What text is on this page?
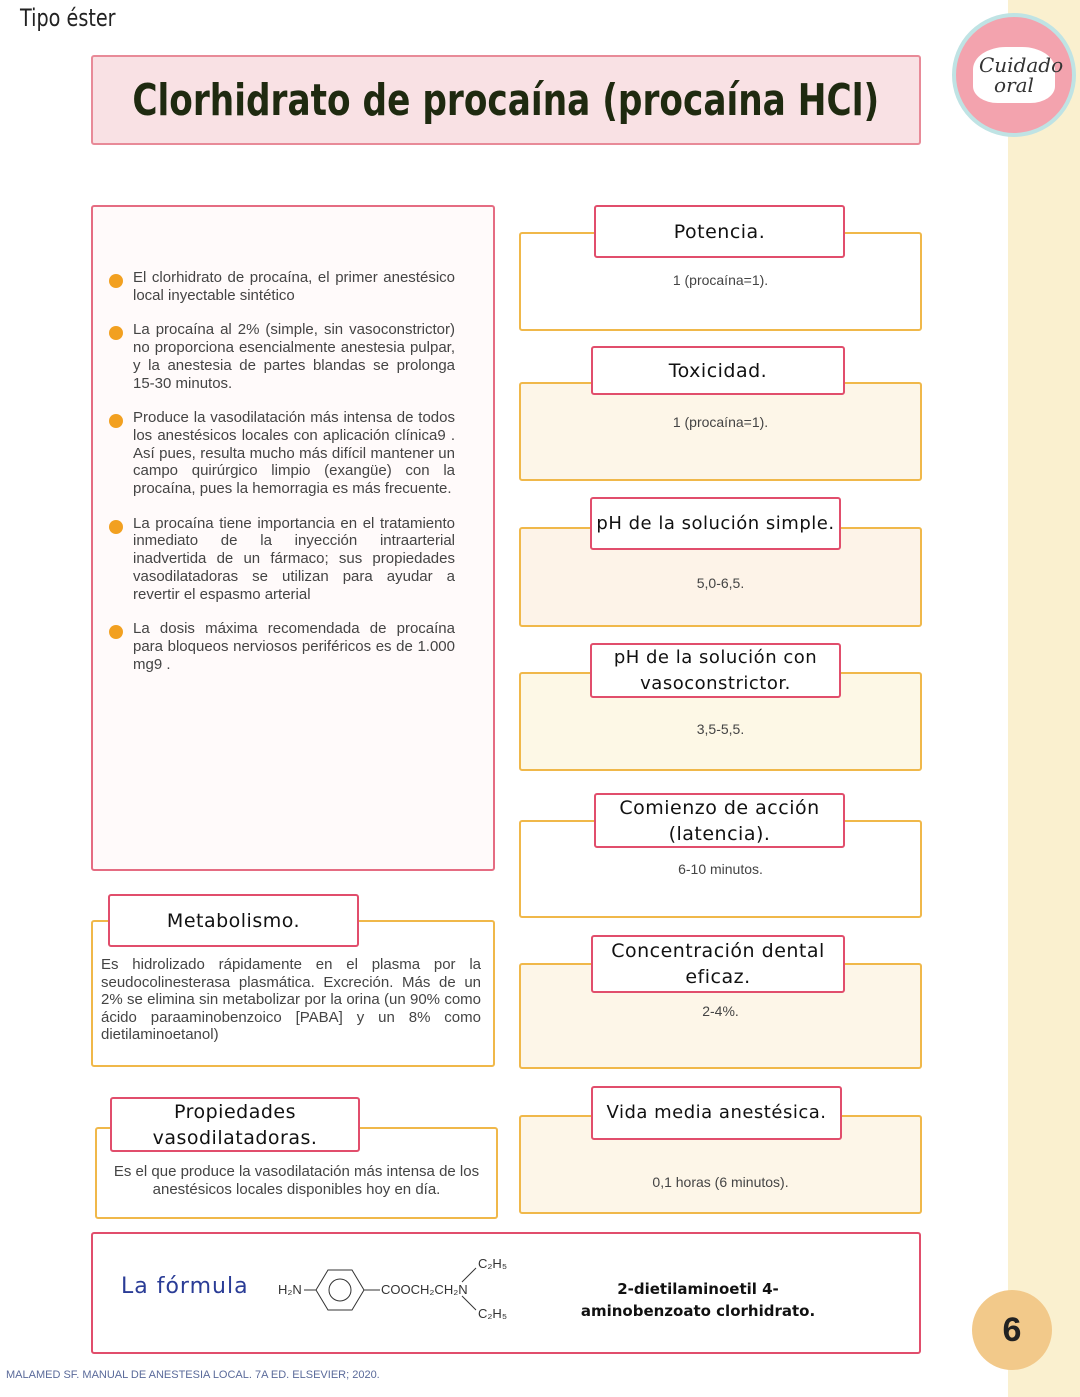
Tipo éster
Clorhidrato de procaína (procaína HCl)
Cuidado oral
El clorhidrato de procaína, el primer anestésico local inyectable sintético
La procaína al 2% (simple, sin vasoconstrictor) no proporciona esencialmente anestesia pulpar, y la anestesia de partes blandas se prolonga 15-30 minutos.
Produce la vasodilatación más intensa de todos los anestésicos locales con aplicación clínica9 . Así pues, resulta mucho más difícil mantener un campo quirúrgico limpio (exangüe) con la procaína, pues la hemorragia es más frecuente.
La procaína tiene importancia en el tratamiento inmediato de la inyección intraarterial inadvertida de un fármaco; sus propiedades vasodilatadoras se utilizan para ayudar a revertir el espasmo arterial
La dosis máxima recomendada de procaína para bloqueos nerviosos periféricos es de 1.000 mg9 .
Es hidrolizado rápidamente en el plasma por la seudocolinesterasa plasmática. Excreción. Más de un 2% se elimina sin metabolizar por la orina (un 90% como ácido paraaminobenzoico [PABA] y un 8% como dietilaminoetanol)
Metabolismo.
Es el que produce la vasodilatación más intensa de los anestésicos locales disponibles hoy en día.
Propiedades vasodilatadoras.
1 (procaína=1).
Potencia.
1 (procaína=1).
Toxicidad.
5,0-6,5.
pH de la solución simple.
3,5-5,5.
pH de la solución con vasoconstrictor.
6-10 minutos.
Comienzo de acción (latencia).
2-4%.
Concentración dental eficaz.
0,1 horas (6 minutos).
Vida media anestésica.
La fórmula H₂N	COOCH₂CH₂N
C₂H₅
C₂H₅
2-dietilaminoetil 4-aminobenzoato clorhidrato.	6
MALAMED SF. MANUAL DE ANESTESIA LOCAL. 7A ED. ELSEVIER; 2020.
